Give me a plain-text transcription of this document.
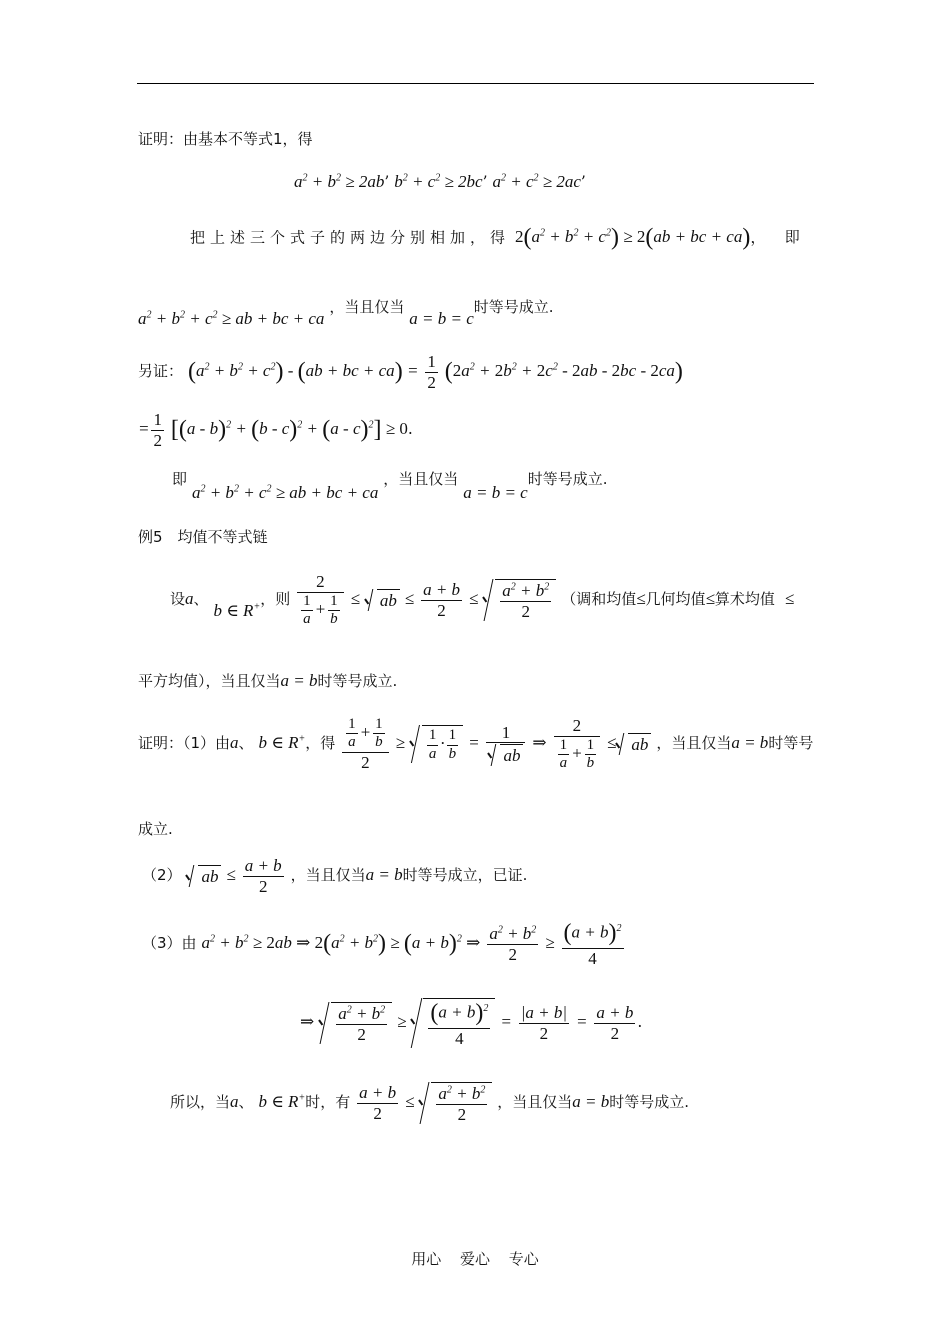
证明：由基本不等式1，得
$a^2 + b^2 \ge 2ab$’ $b^2 + c^2 \ge 2bc$’ $a^2 + c^2 \ge 2ac$’
把上述三个式子的两边分别相加，得 $2(a^2 + b^2 + c^2) \ge 2(ab$ + bc + ca)， 即
$a^2 + b^2 + c^2$ ≥ ab + bc + ca ，当且仅当 a = b = c时等号成立.
另证： $(a^2 + b^2 + c^2) - (ab$ + bc + $ca) = \frac{1}{2} (2a^2 + 2b^2 + 2c^2 - 2ab - 2bc - 2ca)$
= $\frac{1}{2} [(a - b)^2 + (b - c)^2 + (a - c)^2] \ge 0$.
即 $a^2 + b^2 + c^2$ ≥ ab + bc + ca ，当且仅当 a = b = c时等号成立.
例5　均值不等式链
设a、 b ∈ R+，则 $\frac{2}{\frac{1}{a} + \frac{1}{b}}$ ≤ ab ≤ $\frac{a + b}{2} \le \frac{a^2 + b^2}{2}$ （调和均值≤几何均值≤算术均值 ≤
平方均值），当且仅当a = b时等号成立.
证明：（1）由a、 b ∈ R+，得 $\frac{\frac{1}{a} + \frac{1}{b}}{2} \ge \frac{1}{a} \cdot \frac{1}{b} = \frac{1}{ab}$ ⇒ $\frac{2}{\frac{1}{a} + \frac{1}{b}}$ ≤ ab ，当且仅当a = b时等号
成立.
（2） ab ≤ $\frac{a + b}{2}$ ，当且仅当a = b时等号成立，已证.
（3）由 $a^2 + b^2 \ge 2ab$ ⇒ $2(a^2 + b^2) \ge (a + b)^2$ ⇒ $\frac{a^2 + b^2}{2} \ge \frac{(a + b)^2}{4}$
⇒ $\frac{a^2 + b^2}{2} \ge \frac{(a + b)^2}{4} = \frac{|a + b|}{2} = \frac{a + b}{2}$ .
所以，当a、 b ∈ R+时，有 $\frac{a + b}{2} \le \frac{a^2 + b^2}{2}$ ，当且仅当a = b时等号成立.
用心 爱心 专心
